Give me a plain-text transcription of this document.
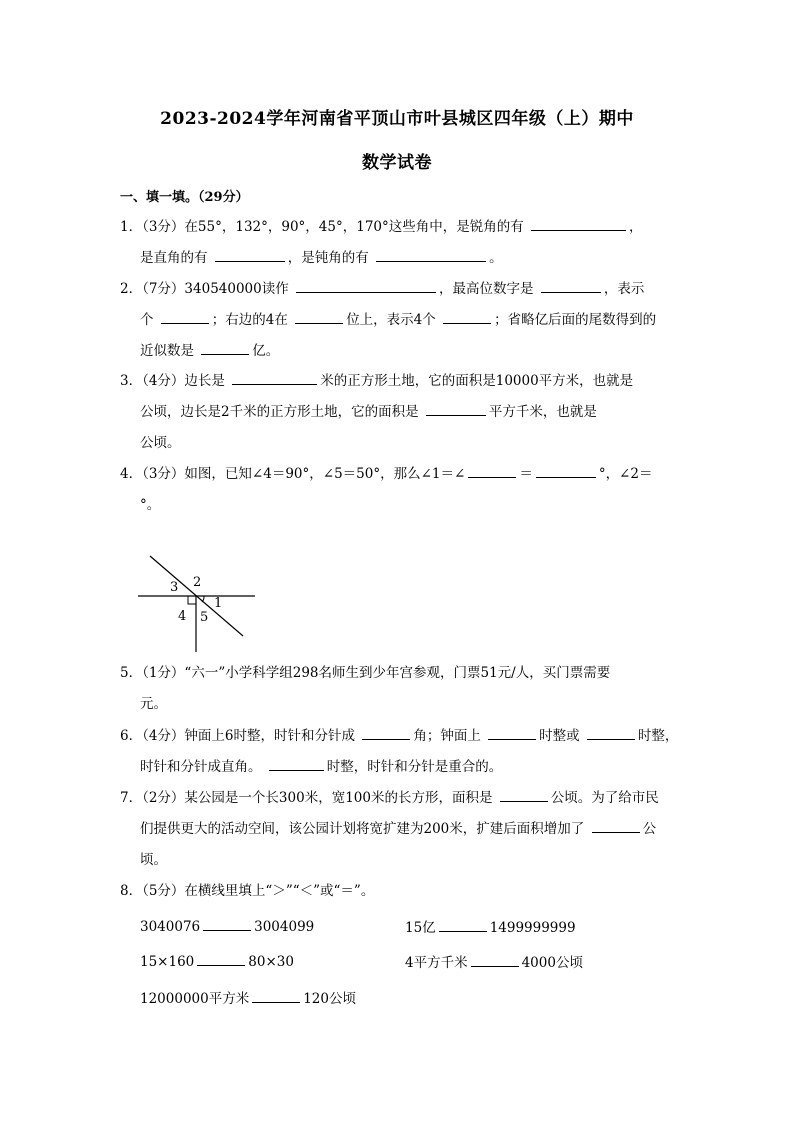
2023-2024学年河南省平顶山市叶县城区四年级（上）期中
数学试卷
一、填一填。（29分）
1．（3分）在55°，132°，90°，45°，170°这些角中，是锐角的有	，
是直角的有	，是钝角的有	。
2．（7分）340540000读作	，最高位数字是	，表示
个	；右边的4在	位上，表示4个	；省略亿后面的尾数得到的
近似数是	亿。
3．（4分）边长是	米的正方形土地，它的面积是10000平方米，也就是
公顷，边长是2千米的正方形土地，它的面积是	平方千米，也就是
公顷。
4．（3分）如图，已知∠4＝90°，∠5＝50°，那么∠1＝∠	＝	°，∠2＝
°。
3 2
1
4 5
5．（1分）“六一”小学科学组298名师生到少年宫参观，门票51元/人，买门票需要
元。
6．（4分）钟面上6时整，时针和分针成	角；钟面上	时整或	时整，
时针和分针成直角。	时整，时针和分针是重合的。
7．（2分）某公园是一个长300米，宽100米的长方形，面积是	公顷。为了给市民
们提供更大的活动空间，该公园计划将宽扩建为200米，扩建后面积增加了	公
顷。
8．（5分）在横线里填上“＞”“＜”或“＝”。
3040076	3004099	15亿	1499999999
15×160	80×30	4平方千米	4000公顷
12000000平方米	120公顷
